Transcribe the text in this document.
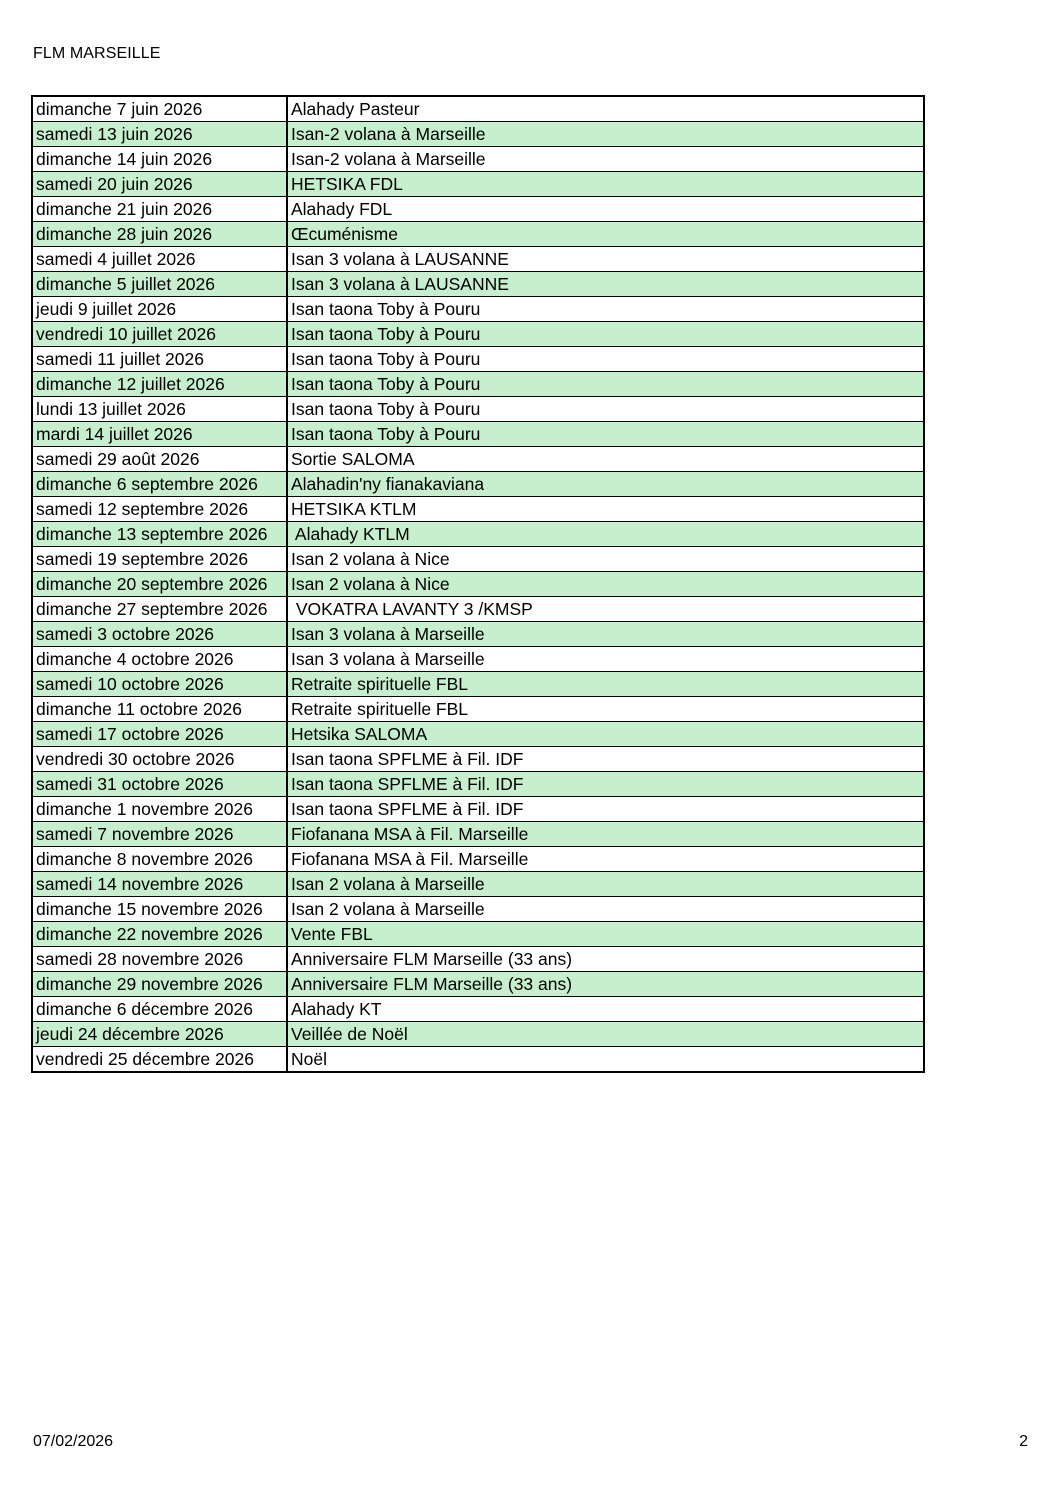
FLM MARSEILLE
dimanche 7 juin 2026	Alahady Pasteur
samedi 13 juin 2026	Isan-2 volana à Marseille
dimanche 14 juin 2026	Isan-2 volana à Marseille
samedi 20 juin 2026	HETSIKA FDL
dimanche 21 juin 2026	Alahady FDL
dimanche 28 juin 2026	Œcuménisme
samedi 4 juillet 2026	Isan 3 volana à LAUSANNE
dimanche 5 juillet 2026	Isan 3 volana à LAUSANNE
jeudi 9 juillet 2026	Isan taona Toby à Pouru
vendredi 10 juillet 2026	Isan taona Toby à Pouru
samedi 11 juillet 2026	Isan taona Toby à Pouru
dimanche 12 juillet 2026	Isan taona Toby à Pouru
lundi 13 juillet 2026	Isan taona Toby à Pouru
mardi 14 juillet 2026	Isan taona Toby à Pouru
samedi 29 août 2026	Sortie SALOMA
dimanche 6 septembre 2026	Alahadin'ny fianakaviana
samedi 12 septembre 2026	HETSIKA KTLM
dimanche 13 septembre 2026	Alahady KTLM
samedi 19 septembre 2026	Isan 2 volana à Nice
dimanche 20 septembre 2026	Isan 2 volana à Nice
dimanche 27 septembre 2026	VOKATRA LAVANTY 3 /KMSP
samedi 3 octobre 2026	Isan 3 volana à Marseille
dimanche 4 octobre 2026	Isan 3 volana à Marseille
samedi 10 octobre 2026	Retraite spirituelle FBL
dimanche 11 octobre 2026	Retraite spirituelle FBL
samedi 17 octobre 2026	Hetsika SALOMA
vendredi 30 octobre 2026	Isan taona SPFLME à Fil. IDF
samedi 31 octobre 2026	Isan taona SPFLME à Fil. IDF
dimanche 1 novembre 2026	Isan taona SPFLME à Fil. IDF
samedi 7 novembre 2026	Fiofanana MSA à Fil. Marseille
dimanche 8 novembre 2026	Fiofanana MSA à Fil. Marseille
samedi 14 novembre 2026	Isan 2 volana à Marseille
dimanche 15 novembre 2026	Isan 2 volana à Marseille
dimanche 22 novembre 2026	Vente FBL
samedi 28 novembre 2026	Anniversaire FLM Marseille (33 ans)
dimanche 29 novembre 2026	Anniversaire FLM Marseille (33 ans)
dimanche 6 décembre 2026	Alahady KT
jeudi 24 décembre 2026	Veillée de Noël
vendredi 25 décembre 2026	Noël
07/02/2026	2
